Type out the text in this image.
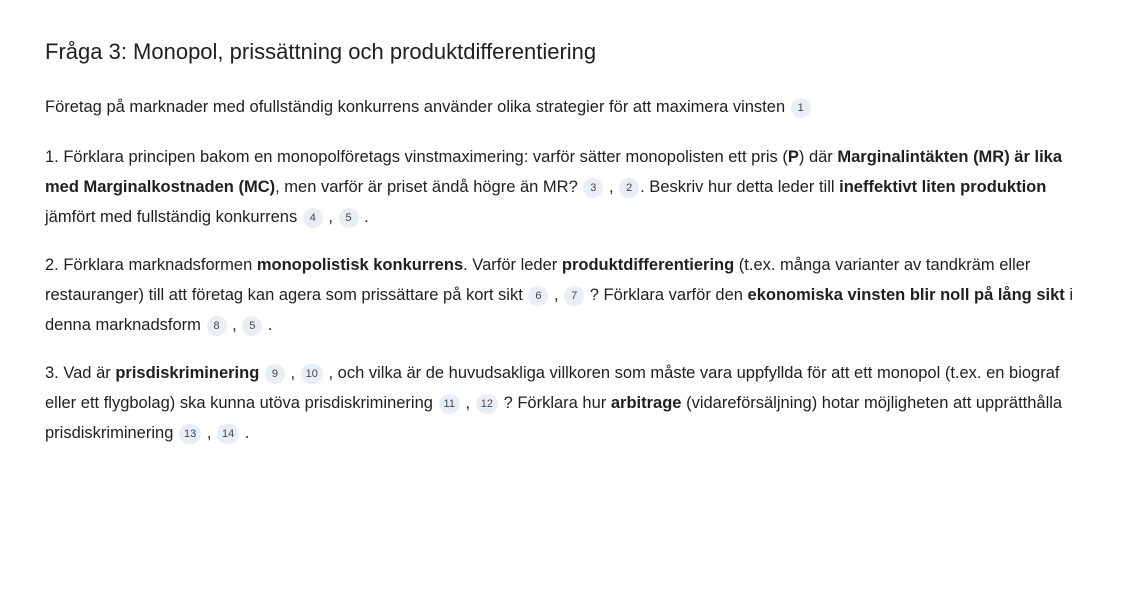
Fråga 3: Monopol, prissättning och produktdifferentiering

Företag på marknader med ofullständig konkurrens använder olika strategier för att maximera vinsten 1

1. Förklara principen bakom en monopolföretags vinstmaximering: varför sätter monopolisten ett pris (P) där Marginalintäkten (MR) är lika med Marginalkostnaden (MC), men varför är priset ändå högre än MR? 3 , 2 . Beskriv hur detta leder till ineffektivt liten produktion jämfört med fullständig konkurrens 4 , 5 .

2. Förklara marknadsformen monopolistisk konkurrens. Varför leder produktdifferentiering (t.ex. många varianter av tandkräm eller restauranger) till att företag kan agera som prissättare på kort sikt 6 , 7 ? Förklara varför den ekonomiska vinsten blir noll på lång sikt i denna marknadsform 8 , 5 .

3. Vad är prisdiskriminering 9 , 10 , och vilka är de huvudsakliga villkoren som måste vara uppfyllda för att ett monopol (t.ex. en biograf eller ett flygbolag) ska kunna utöva prisdiskriminering 11 , 12 ? Förklara hur arbitrage (vidareförsäljning) hotar möjligheten att upprätthålla prisdiskriminering 13 , 14 .
